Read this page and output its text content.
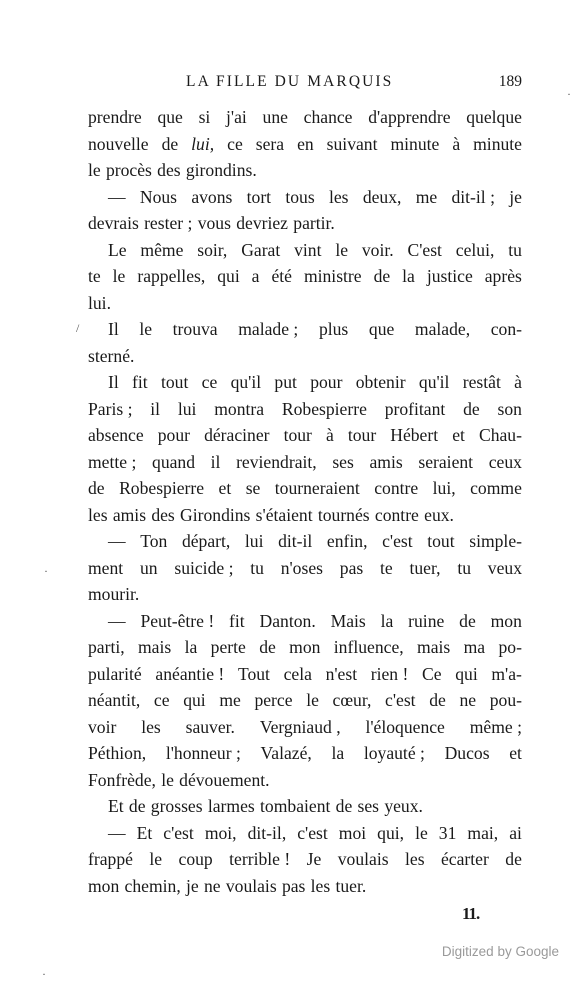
LA FILLE DU MARQUIS	189
prendre que si j'ai une chance d'apprendre quelque
nouvelle de lui, ce sera en suivant minute à minute
le procès des girondins.
— Nous avons tort tous les deux, me dit-il ; je
devrais rester ; vous devriez partir.
Le même soir, Garat vint le voir. C'est celui, tu
te le rappelles, qui a été ministre de la justice après
lui.
Il le trouva malade ; plus que malade, con-
sterné.
Il fit tout ce qu'il put pour obtenir qu'il restât à
Paris ; il lui montra Robespierre profitant de son
absence pour déraciner tour à tour Hébert et Chau-
mette ; quand il reviendrait, ses amis seraient ceux
de Robespierre et se tourneraient contre lui, comme
les amis des Girondins s'étaient tournés contre eux.
— Ton départ, lui dit-il enfin, c'est tout simple-
ment un suicide ; tu n'oses pas te tuer, tu veux
mourir.
— Peut-être ! fit Danton. Mais la ruine de mon
parti, mais la perte de mon influence, mais ma po-
pularité anéantie ! Tout cela n'est rien ! Ce qui m'a-
néantit, ce qui me perce le cœur, c'est de ne pou-
voir les sauver. Vergniaud , l'éloquence même ;
Péthion, l'honneur ; Valazé, la loyauté ; Ducos et
Fonfrède, le dévouement.
Et de grosses larmes tombaient de ses yeux.
— Et c'est moi, dit-il, c'est moi qui, le 31 mai, ai
frappé le coup terrible ! Je voulais les écarter de
mon chemin, je ne voulais pas les tuer.
11.
Digitized by Google
/
·
·
·
